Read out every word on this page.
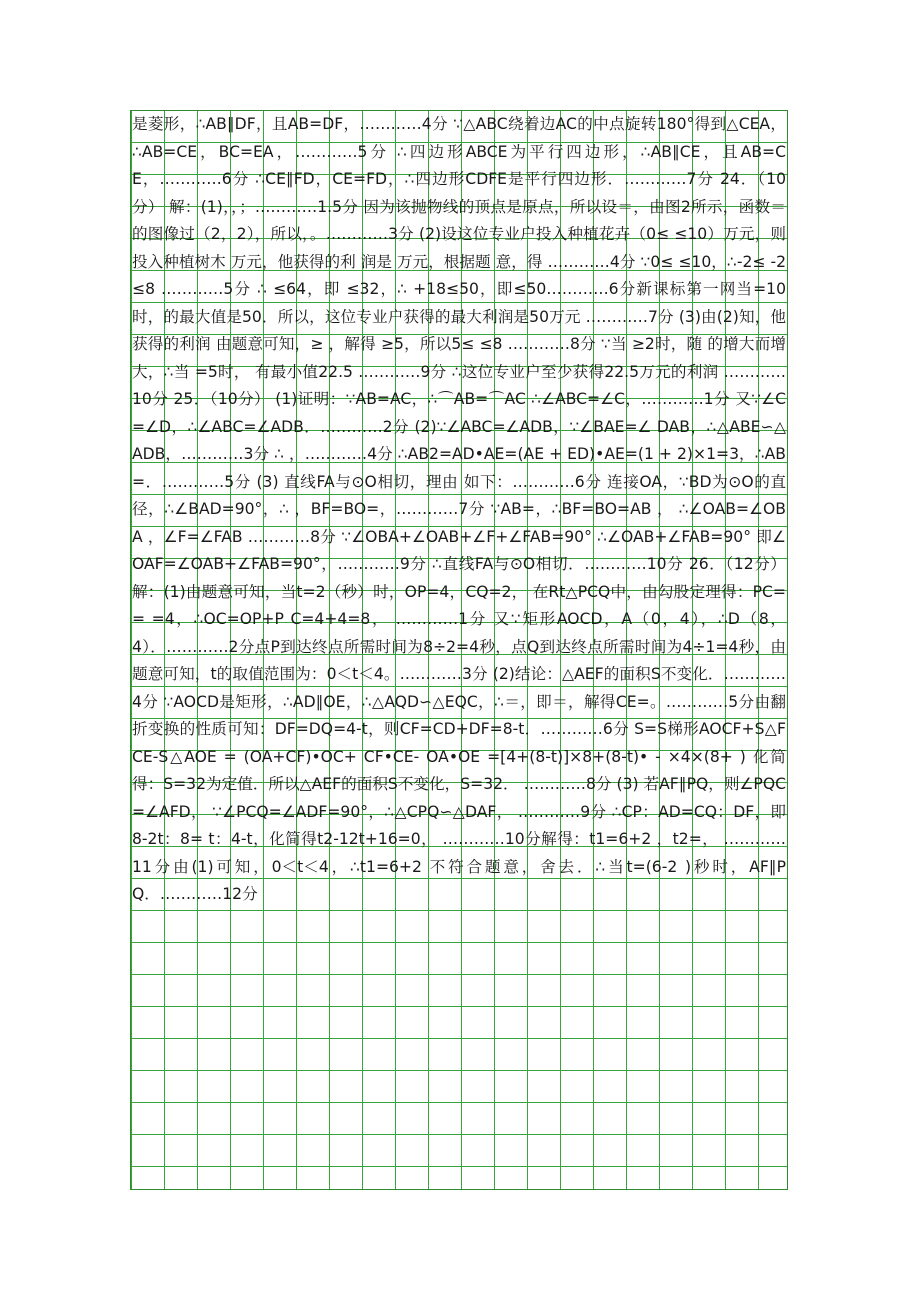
是菱形，∴AB∥DF，且AB=DF，…………4分 ∵△ABC绕着边AC的中点旋转180°得到△CEA，∴AB=CE，BC=EA，…………5分 ∴四边形ABCE为平行四边形，∴AB∥CE，且AB=CE，…………6分 ∴CE∥FD，CE=FD，∴四边形CDFE是平行四边形．…………7分 24．（10分） 解：(1)，，；…………1.5分 因为该抛物线的顶点是原点，所以设＝，由图2所示，函数＝的图像过（2，2），所以，。…………3分 (2)设这位专业户投入种植花卉（0≤ ≤10）万元，则投入种植树木 万元，他获得的利 润是 万元，根据题 意，得 …………4分 ∵0≤ ≤10，∴-2≤ -2≤8 …………5分 ∴ ≤64，即 ≤32，∴ +18≤50，即≤50…………6分新课标第一网当=10时，的最大值是50．所以，这位专业户获得的最大利润是50万元 …………7分 (3)由(2)知，他获得的利润 由题意可知，≥ ，解得 ≥5，所以5≤ ≤8 …………8分 ∵当 ≥2时，随 的增大而增大，∴当 =5时， 有最小值22.5 …………9分 ∴这位专业户至少获得22.5万元的利润 …………10分 25．（10分） (1)证明：∵AB=AC，∴⌒AB=⌒AC ∴∠ABC=∠C，…………1分 又∵∠C=∠D，∴∠ABC=∠ADB．…………2分 (2)∵∠ABC=∠ADB，∵∠BAE=∠ DAB，∴△ABE∽△ADB，…………3分 ∴ ，…………4分 ∴AB2=AD•AE=(AE + ED)•AE=(1 + 2)×1=3，∴AB=．…………5分 (3) 直线FA与⊙O相切，理由 如下：…………6分 连接OA，∵BD为⊙O的直径，∴∠BAD=90°，∴ ，BF=BO=，…………7分 ∵AB=，∴BF=BO=AB ， ∴∠OAB=∠OBA ，∠F=∠FAB …………8分 ∵∠OBA+∠OAB+∠F+∠FAB=90° ∴∠OAB+∠FAB=90° 即∠OAF=∠OAB+∠FAB=90°，…………9分 ∴直线FA与⊙O相切．…………10分 26．（12分）解：(1)由题意可知，当t=2（秒）时，OP=4，CQ=2， 在Rt△PCQ中，由勾股定理得：PC= = =4，∴OC=OP+P C=4+4=8， …………1分 又∵矩形AOCD，A（0，4），∴D（8，4）．…………2分点P到达终点所需时间为8÷2=4秒，点Q到达终点所需时间为4÷1=4秒，由题意可知，t的取值范围为：0＜t＜4。…………3分 (2)结论：△AEF的面积S不变化．…………4分 ∵AOCD是矩形，∴AD∥OE，∴△AQD∽△EQC，∴＝，即＝，解得CE=。…………5分由翻折变换的性质可知：DF=DQ=4-t，则CF=CD+DF=8-t．…………6分 S=S梯形AOCF+S△FCE-S△AOE = (OA+CF)•OC+ CF•CE- OA•OE =[4+(8-t)]×8+(8-t)• - ×4×(8+ ) 化简得：S=32为定值．所以△AEF的面积S不变化，S=32． …………8分 (3) 若AF∥PQ，则∠PQC=∠AFD， ∵∠PCQ=∠ADF=90°，∴△CPQ∽△DAF， …………9分 ∴CP：AD=CQ：DF，即8-2t：8= t：4-t，化简得t2-12t+16=0， …………10分解得：t1=6+2 ，t2=， …………11分由(1)可知，0＜t＜4，∴t1=6+2 不符合题意，舍去．∴当t=(6-2 )秒时，AF∥PQ．…………12分
